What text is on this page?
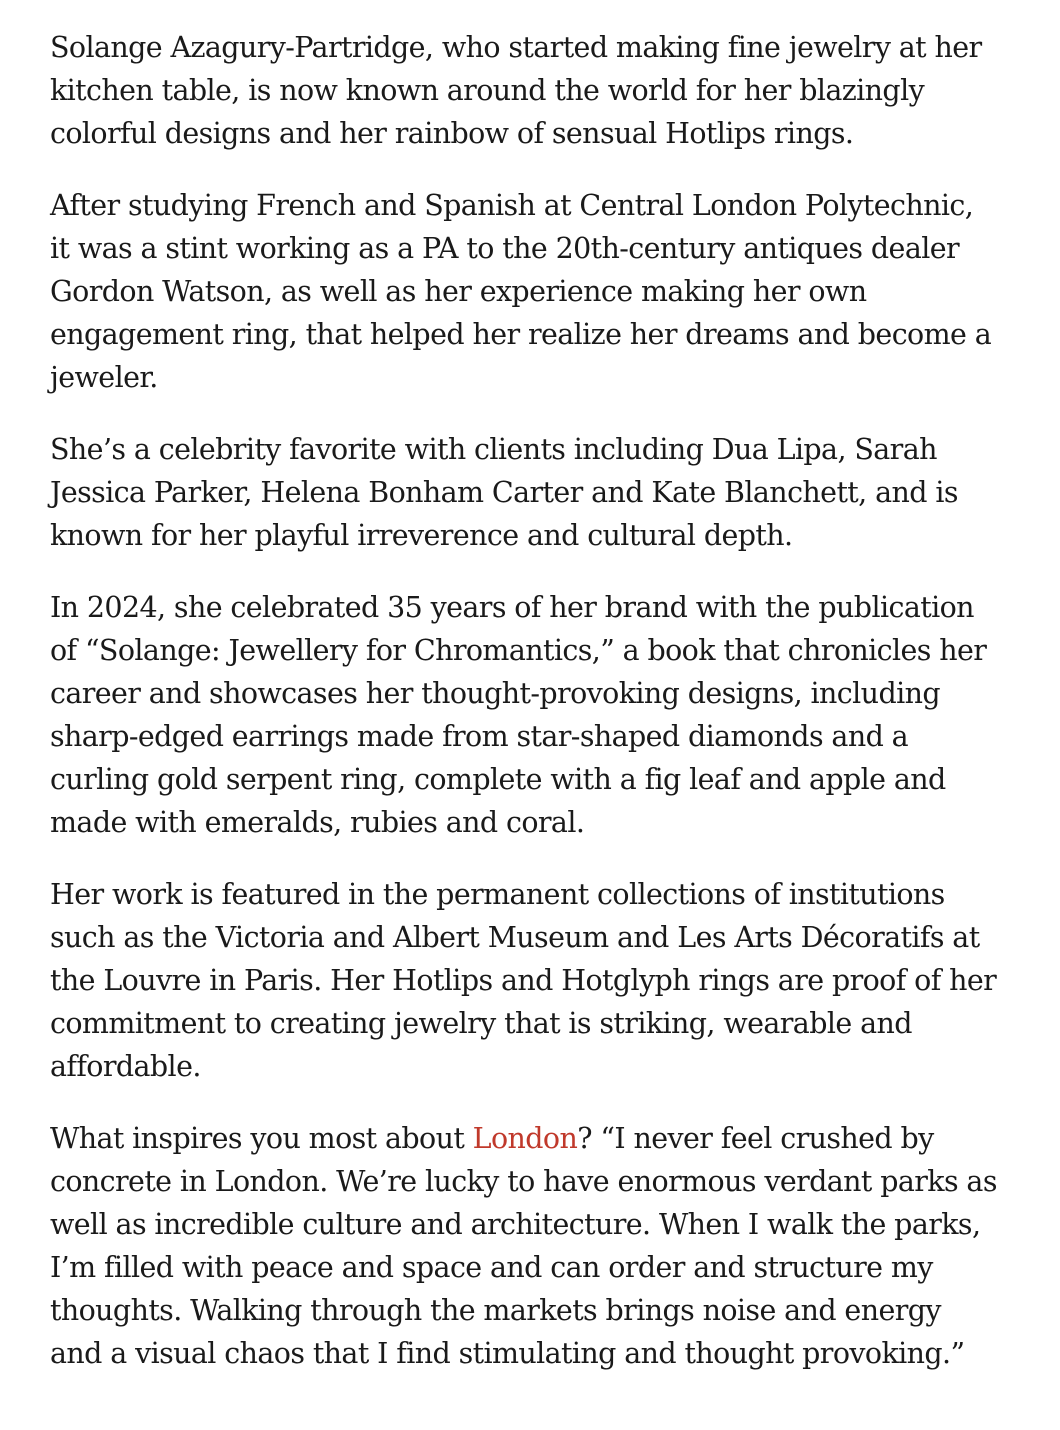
Solange Azagury-Partridge, who started making fine jewelry at her kitchen table, is now known around the world for her blazingly colorful designs and her rainbow of sensual Hotlips rings.

After studying French and Spanish at Central London Polytechnic, it was a stint working as a PA to the 20th-century antiques dealer Gordon Watson, as well as her experience making her own engagement ring, that helped her realize her dreams and become a jeweler.

She’s a celebrity favorite with clients including Dua Lipa, Sarah Jessica Parker, Helena Bonham Carter and Kate Blanchett, and is known for her playful irreverence and cultural depth.

In 2024, she celebrated 35 years of her brand with the publication of “Solange: Jewellery for Chromantics,” a book that chronicles her career and showcases her thought-provoking designs, including sharp-edged earrings made from star-shaped diamonds and a curling gold serpent ring, complete with a fig leaf and apple and made with emeralds, rubies and coral.

Her work is featured in the permanent collections of institutions such as the Victoria and Albert Museum and Les Arts Décoratifs at the Louvre in Paris. Her Hotlips and Hotglyph rings are proof of her commitment to creating jewelry that is striking, wearable and affordable.

What inspires you most about London? “I never feel crushed by concrete in London. We’re lucky to have enormous verdant parks as well as incredible culture and architecture. When I walk the parks, I’m filled with peace and space and can order and structure my thoughts. Walking through the markets brings noise and energy and a visual chaos that I find stimulating and thought provoking.”
